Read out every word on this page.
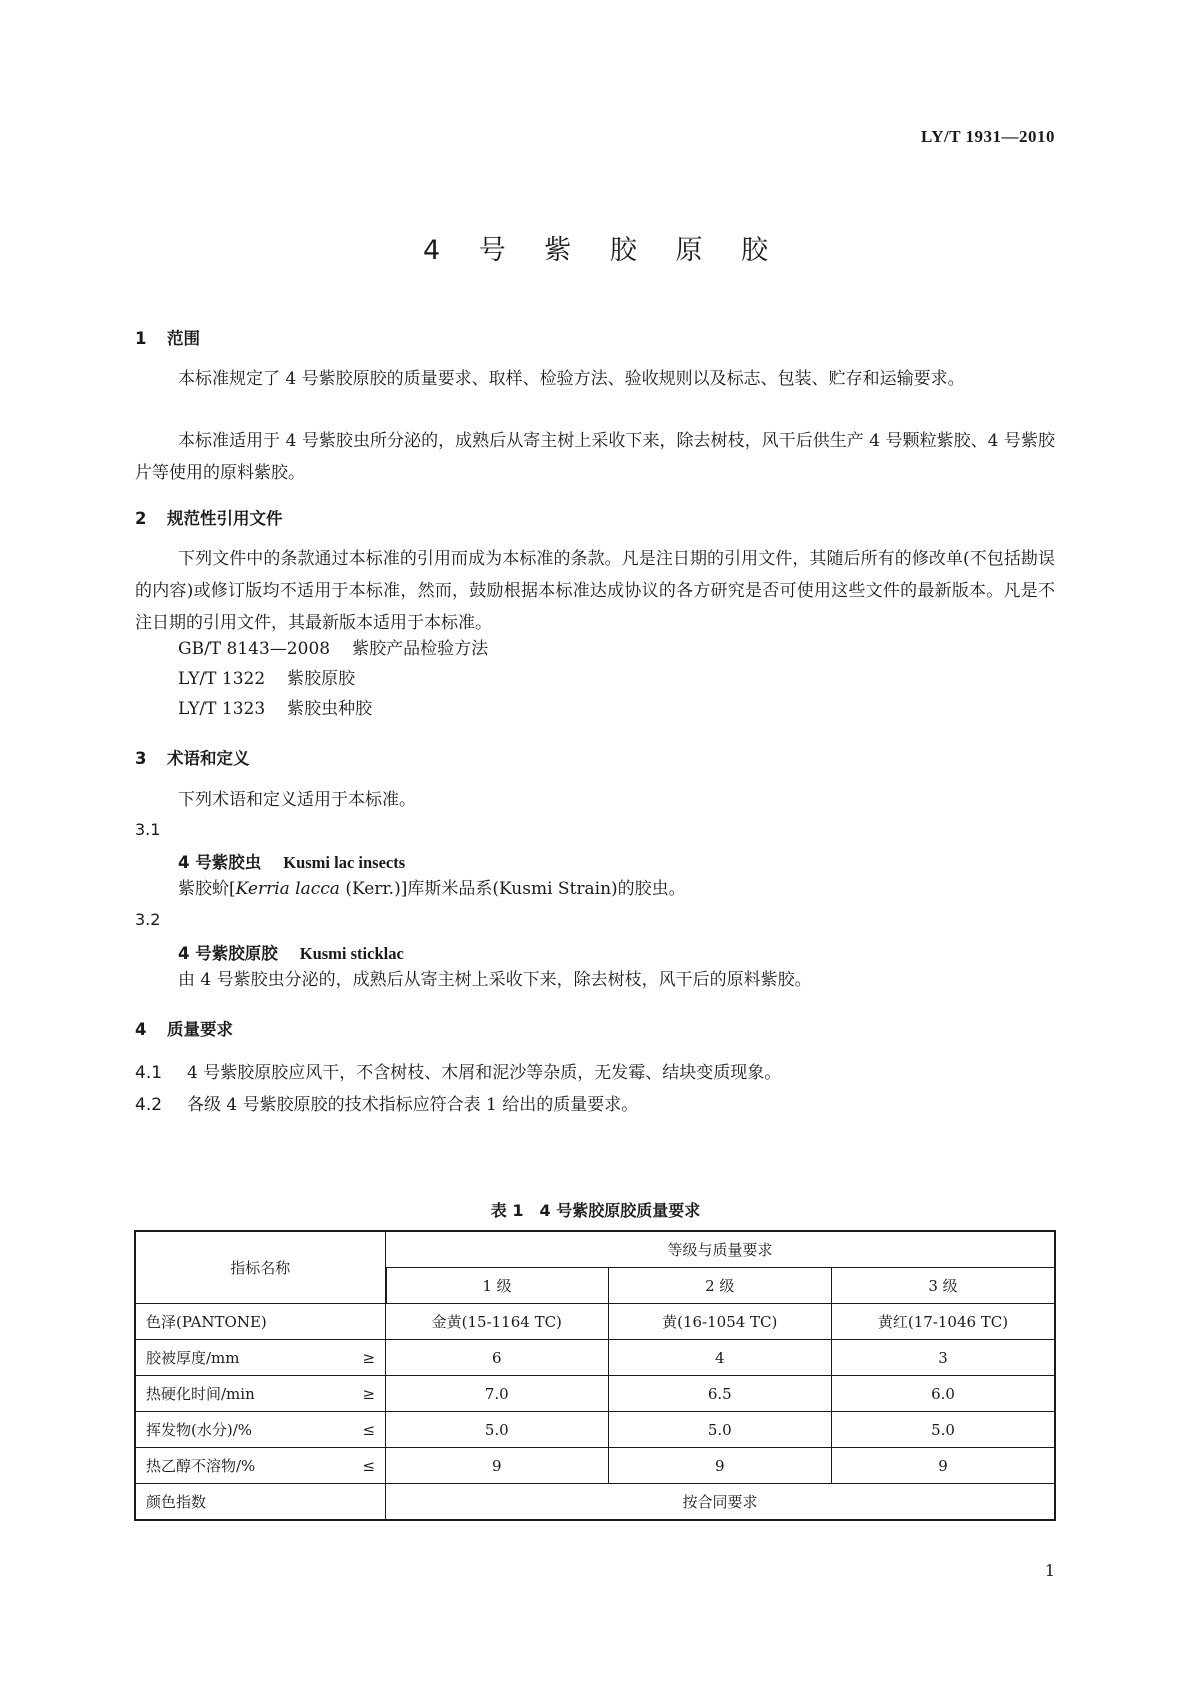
LY/T 1931—2010
4 号 紫 胶 原 胶
1 范围
本标准规定了 4 号紫胶原胶的质量要求、取样、检验方法、验收规则以及标志、包装、贮存和运输要求。
本标准适用于 4 号紫胶虫所分泌的，成熟后从寄主树上采收下来，除去树枝，风干后供生产 4 号颗粒紫胶、4 号紫胶片等使用的原料紫胶。
2 规范性引用文件
下列文件中的条款通过本标准的引用而成为本标准的条款。凡是注日期的引用文件，其随后所有的修改单(不包括勘误的内容)或修订版均不适用于本标准，然而，鼓励根据本标准达成协议的各方研究是否可使用这些文件的最新版本。凡是不注日期的引用文件，其最新版本适用于本标准。
GB/T 8143—2008 紫胶产品检验方法
LY/T 1322 紫胶原胶
LY/T 1323 紫胶虫种胶
3 术语和定义
下列术语和定义适用于本标准。
3.1
4 号紫胶虫 Kusmi lac insects
紫胶蚧[Kerria lacca (Kerr.)]库斯米品系(Kusmi Strain)的胶虫。
3.2
4 号紫胶原胶 Kusmi sticklac
由 4 号紫胶虫分泌的，成熟后从寄主树上采收下来，除去树枝，风干后的原料紫胶。
4 质量要求
4.1 4 号紫胶原胶应风干，不含树枝、木屑和泥沙等杂质，无发霉、结块变质现象。
4.2 各级 4 号紫胶原胶的技术指标应符合表 1 给出的质量要求。
表 1 4 号紫胶原胶质量要求
指标名称	等级与质量要求		
	1 级	2 级	3 级

色泽(PANTONE)	金黄(15-1164 TC)	黄(16-1054 TC)	黄红(17-1046 TC)

胶被厚度/mm ≥	6	4	3

热硬化时间/min ≥	7.0	6.5	6.0

挥发物(水分)/% ≤	5.0	5.0	5.0

热乙醇不溶物/% ≤	9	9	9
颜色指数	按合同要求		
1
